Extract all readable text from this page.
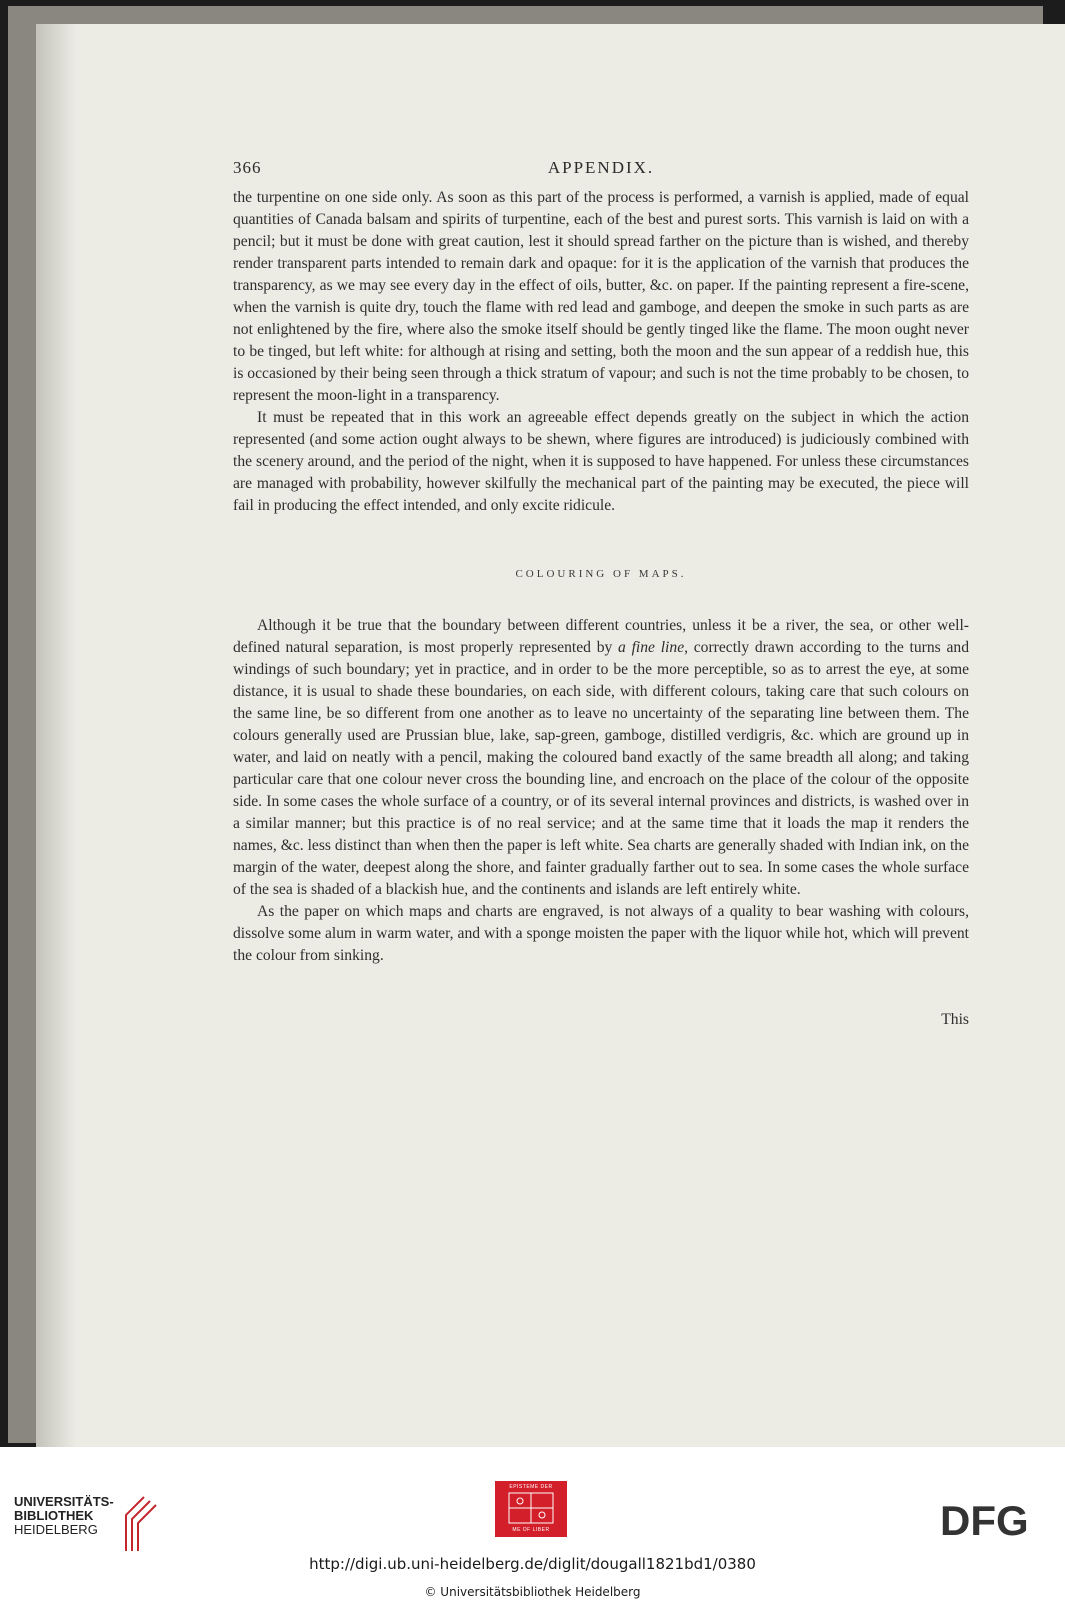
366	APPENDIX.

the turpentine on one side only. As soon as this part of the process is performed, a varnish is applied, made of equal quantities of Canada balsam and spirits of turpentine, each of the best and purest sorts. This varnish is laid on with a pencil; but it must be done with great caution, lest it should spread farther on the picture than is wished, and thereby render transparent parts intended to remain dark and opaque: for it is the application of the varnish that produces the transparency, as we may see every day in the effect of oils, butter, &c. on paper. If the painting represent a fire-scene, when the varnish is quite dry, touch the flame with red lead and gamboge, and deepen the smoke in such parts as are not enlightened by the fire, where also the smoke itself should be gently tinged like the flame. The moon ought never to be tinged, but left white: for although at rising and setting, both the moon and the sun appear of a reddish hue, this is occasioned by their being seen through a thick stratum of vapour; and such is not the time probably to be chosen, to represent the moon-light in a transparency.

It must be repeated that in this work an agreeable effect depends greatly on the subject in which the action represented (and some action ought always to be shewn, where figures are introduced) is judiciously combined with the scenery around, and the period of the night, when it is supposed to have happened. For unless these circumstances are managed with probability, however skilfully the mechanical part of the painting may be executed, the piece will fail in producing the effect intended, and only excite ridicule.

COLOURING OF MAPS.

Although it be true that the boundary between different countries, unless it be a river, the sea, or other well-defined natural separation, is most properly represented by a fine line, correctly drawn according to the turns and windings of such boundary; yet in practice, and in order to be the more perceptible, so as to arrest the eye, at some distance, it is usual to shade these boundaries, on each side, with different colours, taking care that such colours on the same line, be so different from one another as to leave no uncertainty of the separating line between them. The colours generally used are Prussian blue, lake, sap-green, gamboge, distilled verdigris, &c. which are ground up in water, and laid on neatly with a pencil, making the coloured band exactly of the same breadth all along; and taking particular care that one colour never cross the bounding line, and encroach on the place of the colour of the opposite side. In some cases the whole surface of a country, or of its several internal provinces and districts, is washed over in a similar manner; but this practice is of no real service; and at the same time that it loads the map it renders the names, &c. less distinct than when then the paper is left white. Sea charts are generally shaded with Indian ink, on the margin of the water, deepest along the shore, and fainter gradually farther out to sea. In some cases the whole surface of the sea is shaded of a blackish hue, and the continents and islands are left entirely white.

As the paper on which maps and charts are engraved, is not always of a quality to bear washing with colours, dissolve some alum in warm water, and with a sponge moisten the paper with the liquor while hot, which will prevent the colour from sinking.

This
UNIVERSITÄTS-
BIBLIOTHEK
HEIDELBERG
EPISTEME DER
ME OF LIBER	DFG
http://digi.ub.uni-heidelberg.de/diglit/dougall1821bd1/0380
© Universitätsbibliothek Heidelberg
